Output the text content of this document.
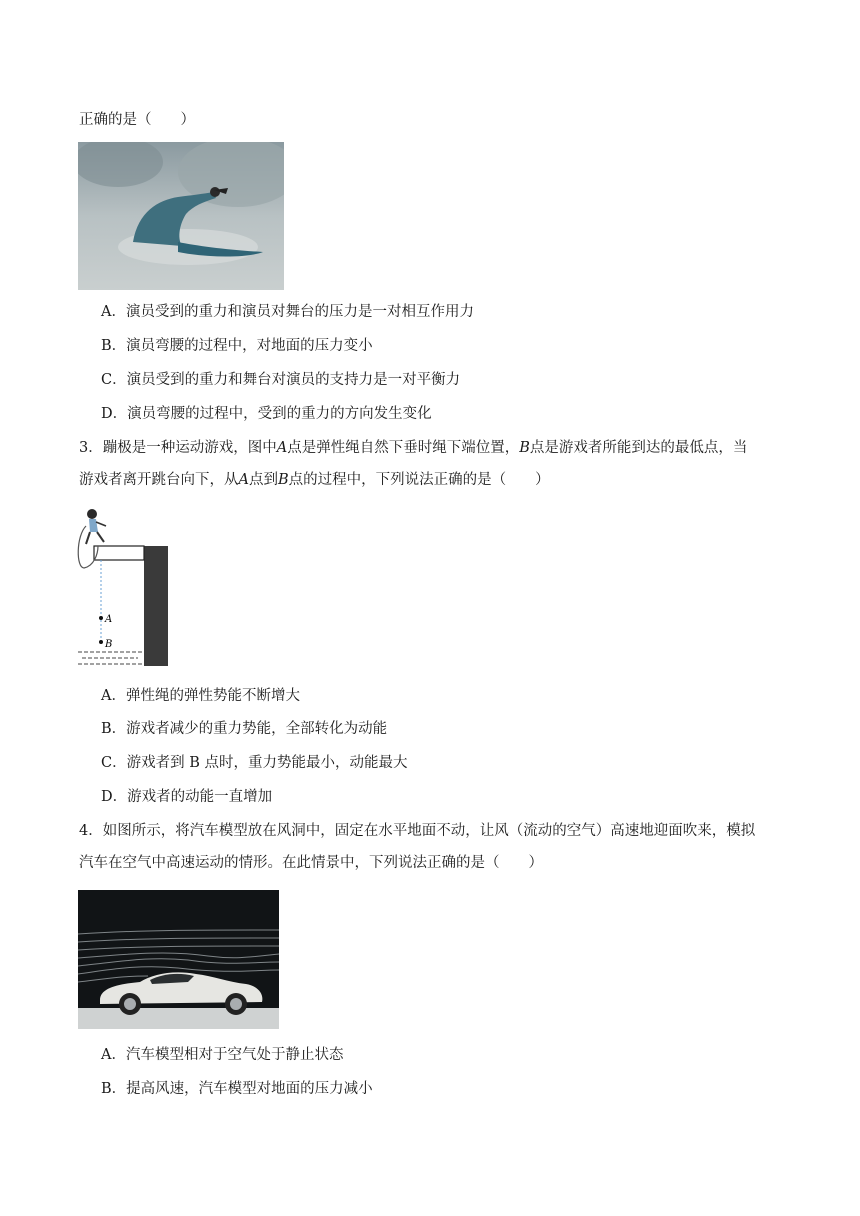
正确的是（　　）
A．演员受到的重力和演员对舞台的压力是一对相互作用力
B．演员弯腰的过程中，对地面的压力变小
C．演员受到的重力和舞台对演员的支持力是一对平衡力
D．演员弯腰的过程中，受到的重力的方向发生变化
3．蹦极是一种运动游戏，图中A点是弹性绳自然下垂时绳下端位置，B点是游戏者所能到达的最低点，当
游戏者离开跳台向下，从A点到B点的过程中，下列说法正确的是（　　）
A
B
A．弹性绳的弹性势能不断增大
B．游戏者减少的重力势能，全部转化为动能
C．游戏者到 B 点时，重力势能最小，动能最大
D．游戏者的动能一直增加
4．如图所示，将汽车模型放在风洞中，固定在水平地面不动，让风（流动的空气）高速地迎面吹来，模拟
汽车在空气中高速运动的情形。在此情景中，下列说法正确的是（　　）
A．汽车模型相对于空气处于静止状态
B．提高风速，汽车模型对地面的压力减小
